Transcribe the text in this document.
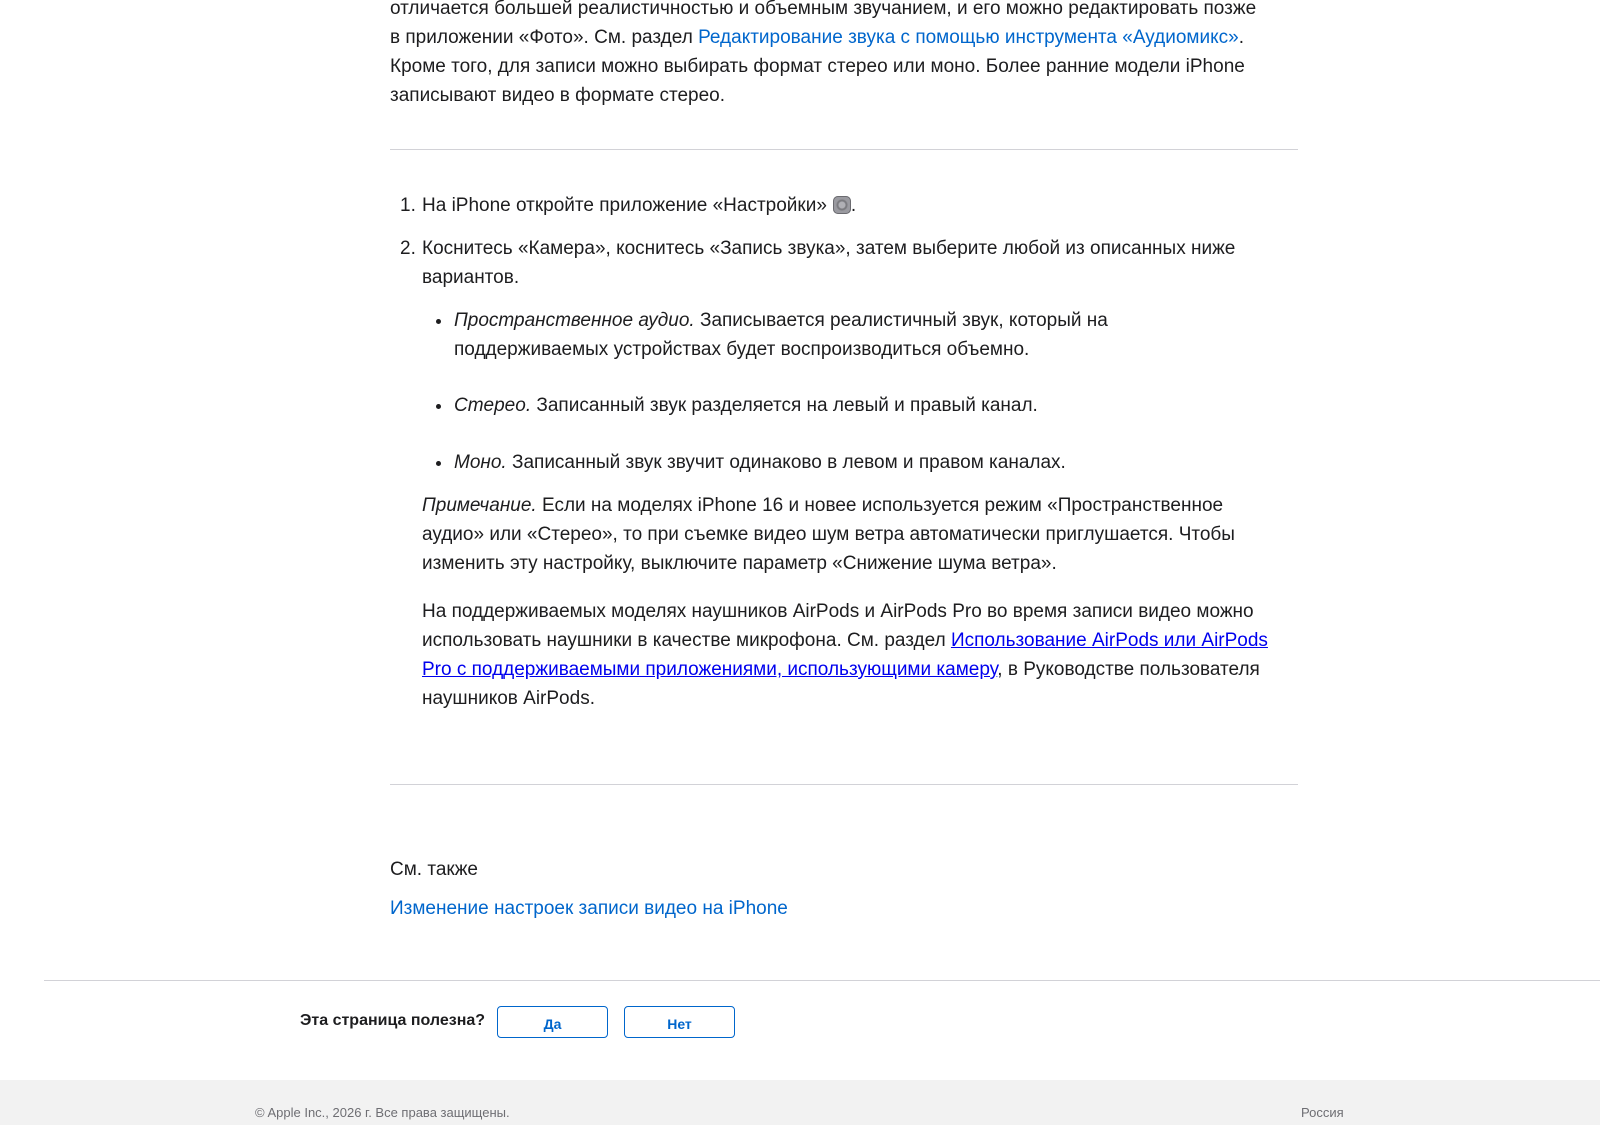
отличается большей реалистичностью и объемным звучанием, и его можно редактировать позже

в приложении «Фото». См. раздел Редактирование звука с помощью инструмента «Аудиомикс».

Кроме того, для записи можно выбирать формат стерео или моно. Более ранние модели iPhone

записывают видео в формате стерео.

1. На iPhone откройте приложение «Настройки» .
2. Коснитесь «Камера», коснитесь «Запись звука», затем выберите любой из описанных ниже вариантов.
Пространственное аудио. Записывается реалистичный звук, который на поддерживаемых устройствах будет воспроизводиться объемно.
Стерео. Записанный звук разделяется на левый и правый канал.
Моно. Записанный звук звучит одинаково в левом и правом каналах.

Примечание. Если на моделях iPhone 16 и новее используется режим «Пространственное аудио» или «Стерео», то при съемке видео шум ветра автоматически приглушается. Чтобы изменить эту настройку, выключите параметр «Снижение шума ветра».

На поддерживаемых моделях наушников AirPods и AirPods Pro во время записи видео можно использовать наушники в качестве микрофона. См. раздел Использование AirPods или AirPods Pro с поддерживаемыми приложениями, использующими камеру, в Руководстве пользователя наушников AirPods.

См. также
Изменение настроек записи видео на iPhone
Эта страница полезна?	Да	Нет
© Apple Inc., 2026 г. Все права защищены.	Россия
